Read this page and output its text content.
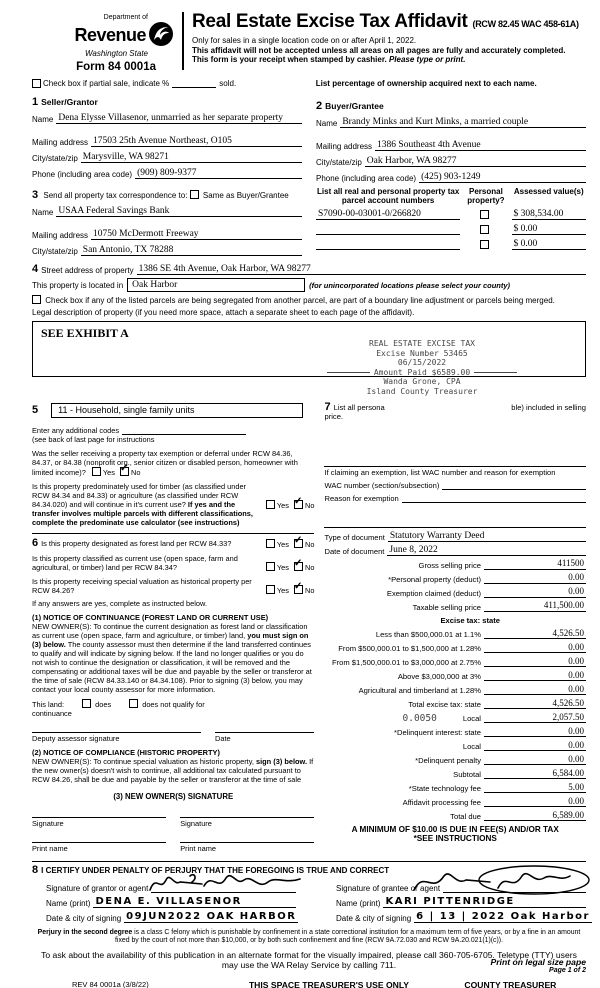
Department of
Revenue
Washington State
Form 84 0001a
Real Estate Excise Tax Affidavit (RCW 82.45 WAC 458-61A)
Only for sales in a single location code on or after April 1, 2022.
This affidavit will not be accepted unless all areas on all pages are fully and accurately completed.
This form is your receipt when stamped by cashier. Please type or print.
Check box if partial sale, indicate %	sold.	List percentage of ownership acquired next to each name.
1 Seller/Grantor
Name Dena Elysse Villasenor, unmarried as her separate property
Mailing address 17503 25th Avenue Northeast, O105
City/state/zip Marysville, WA 98271
Phone (including area code) (909) 809-9377
3 Send all property tax correspondence to: Same as Buyer/Grantee
Name USAA Federal Savings Bank
Mailing address 10750 McDermott Freeway
City/state/zip San Antonio, TX 78288
2 Buyer/Grantee
Name Brandy Minks and Kurt Minks, a married couple
Mailing address 1386 Southeast 4th Avenue
City/state/zip Oak Harbor, WA 98277
Phone (including area code) (425) 903-1249
List all real and personal property tax parcel account numbers
Personal property?
Assessed value(s)
S7090-00-03001-0/266820	$ 308,534.00
$ 0.00
$ 0.00
4 Street address of property 1386 SE 4th Avenue, Oak Harbor, WA 98277
This property is located in Oak Harbor	(for unincorporated locations please select your county)
Check box if any of the listed parcels are being segregated from another parcel, are part of a boundary line adjustment or parcels being merged.
Legal description of property (if you need more space, attach a separate sheet to each page of the affidavit).
SEE EXHIBIT A
REAL ESTATE EXCISE TAX
Excise Number 53465
06/15/2022
Amount Paid $6589.00
Wanda Grone, CPA
Island County Treasurer
5	11 - Household, single family units
Enter any additional codes
(see back of last page for instructions
Was the seller receiving a property tax exemption or deferral under RCW 84.36, 84.37, or 84.38 (nonprofit org., senior citizen or disabled person, homeowner with limited income)? Yes ✓ No
Is this property predominately used for timber (as classified under RCW 84.34 and 84.33) or agriculture (as classified under RCW 84.34.020) and will continue in it's current use? If yes and the transfer involves multiple parcels with different classifications, complete the predominate use calculator (see instructions)
Yes ✓ No
6 Is this property designated as forest land per RCW 84.33?	Yes ✓ No
Is this property classified as current use (open space, farm and agricultural, or timber) land per RCW 84.34?	Yes ✓ No
Is this property receiving special valuation as historical property per RCW 84.26?	Yes ✓ No
If any answers are yes, complete as instructed below.
(1) NOTICE OF CONTINUANCE (FOREST LAND OR CURRENT USE)
NEW OWNER(S): To continue the current designation as forest land or classification as current use (open space, farm and agriculture, or timber) land, you must sign on (3) below. The county assessor must then determine if the land transferred continues to qualify and will indicate by signing below. If the land no longer qualifies or you do not wish to continue the designation or classification, it will be removed and the compensating or additional taxes will be due and payable by the seller or transferor at the time of sale (RCW 84.33.140 or 84.34.108). Prior to signing (3) below, you may contact your local county assessor for more information.
This land:	does	does not qualify for
continuance
Deputy assessor signature	Date
(2) NOTICE OF COMPLIANCE (HISTORIC PROPERTY)
NEW OWNER(S): To continue special valuation as historic property, sign (3) below. If the new owner(s) doesn't wish to continue, all additional tax calculated pursuant to RCW 84.26, shall be due and payable by the seller or transferor at the time of sale
(3) NEW OWNER(S) SIGNATURE
Signature	Signature
Print name	Print name
7 List all persona	ble) included in selling
price.
If claiming an exemption, list WAC number and reason for exemption
WAC number (section/subsection)
Reason for exemption
Type of document Statutory Warranty Deed
Date of document June 8, 2022
Gross selling price	411500
*Personal property (deduct)	0.00
Exemption claimed (deduct)	0.00
Taxable selling price	411,500.00
Excise tax: state
Less than $500,000.01 at 1.1%	4,526.50
From $500,000.01 to $1,500,000 at 1.28%	0.00
From $1,500,000.01 to $3,000,000 at 2.75%	0.00
Above $3,000,000 at 3%	0.00
Agricultural and timberland at 1.28%	0.00
Total excise tax: state	4,526.50
0.0050	Local	2,057.50
*Delinquent interest: state	0.00
Local	0.00
*Delinquent penalty	0.00
Subtotal	6,584.00
*State technology fee	5.00
Affidavit processing fee	0.00
Total due	6,589.00
A MINIMUM OF $10.00 IS DUE IN FEE(S) AND/OR TAX
*SEE INSTRUCTIONS
8 I CERTIFY UNDER PENALTY OF PERJURY THAT THE FOREGOING IS TRUE AND CORRECT
Signature of grantor or agent
Name (print) DENA E. VILLASENOR
Date & city of signing 09JUN2022 OAK HARBOR
Signature of grantee or agent
Name (print) KARI PITTENRIDGE
Date & city of signing 6 | 13 | 2022 Oak Harbor
Perjury in the second degree is a class C felony which is punishable by confinement in a state correctional institution for a maximum term of five years, or by a fine in an amount fixed by the court of not more than $10,000, or by both such confinement and fine (RCW 9A.72.030 and RCW 9A.20.021(1)(c)).
To ask about the availability of this publication in an alternate format for the visually impaired, please call 360-705-6705. Teletype (TTY) users may use the WA Relay Service by calling 711.
REV 84 0001a (3/8/22)	THIS SPACE TREASURER'S USE ONLY	COUNTY TREASURER
Print on legal size pape
Page 1 of 2
